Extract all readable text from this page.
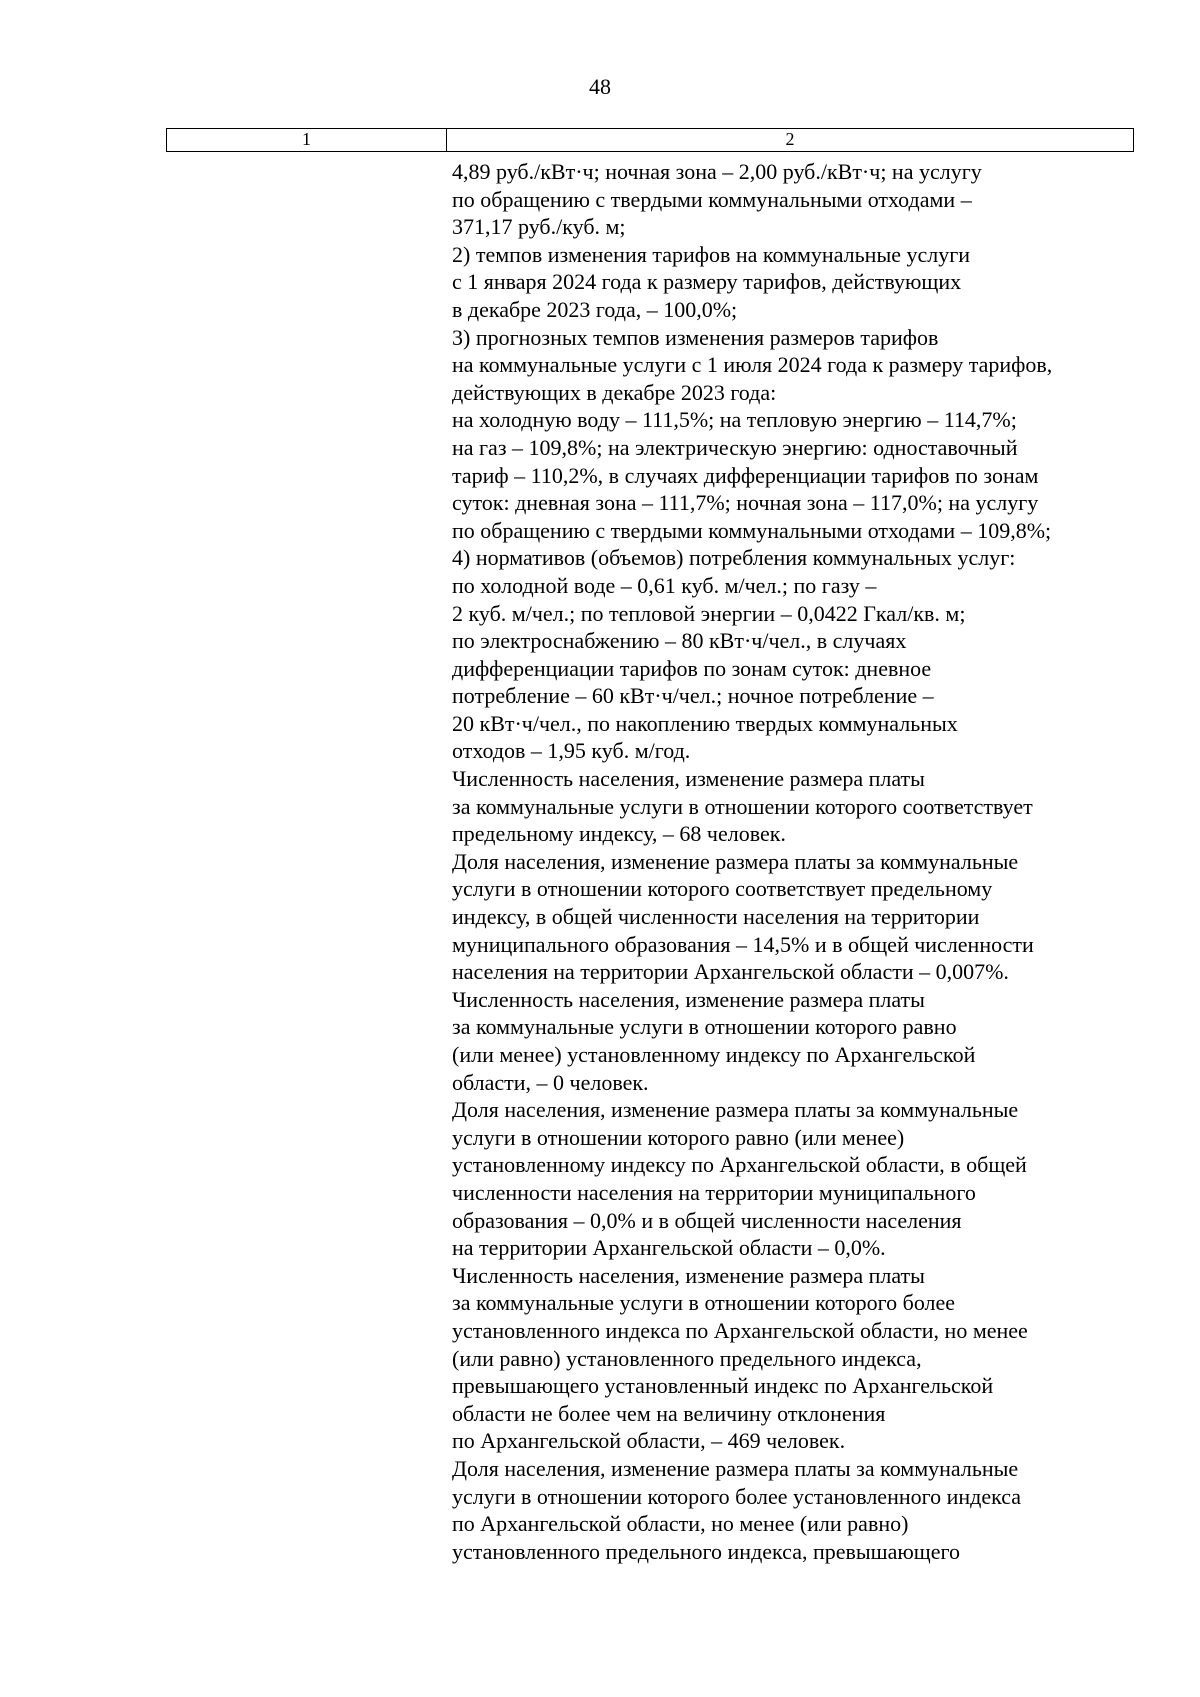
48
1	2
4,89 руб./кВт·ч; ночная зона – 2,00 руб./кВт·ч; на услугу
по обращению с твердыми коммунальными отходами –
371,17 руб./куб. м;
2) темпов изменения тарифов на коммунальные услуги
с 1 января 2024 года к размеру тарифов, действующих
в декабре 2023 года, – 100,0%;
3) прогнозных темпов изменения размеров тарифов
на коммунальные услуги с 1 июля 2024 года к размеру тарифов,
действующих в декабре 2023 года:
на холодную воду – 111,5%; на тепловую энергию – 114,7%;
на газ – 109,8%; на электрическую энергию: одноставочный
тариф – 110,2%, в случаях дифференциации тарифов по зонам
суток: дневная зона – 111,7%; ночная зона – 117,0%; на услугу
по обращению с твердыми коммунальными отходами – 109,8%;
4) нормативов (объемов) потребления коммунальных услуг:
по холодной воде – 0,61 куб. м/чел.; по газу –
2 куб. м/чел.; по тепловой энергии – 0,0422 Гкал/кв. м;
по электроснабжению – 80 кВт·ч/чел., в случаях
дифференциации тарифов по зонам суток: дневное
потребление – 60 кВт·ч/чел.; ночное потребление –
20 кВт·ч/чел., по накоплению твердых коммунальных
отходов – 1,95 куб. м/год.
Численность населения, изменение размера платы
за коммунальные услуги в отношении которого соответствует
предельному индексу, – 68 человек.
Доля населения, изменение размера платы за коммунальные
услуги в отношении которого соответствует предельному
индексу, в общей численности населения на территории
муниципального образования – 14,5% и в общей численности
населения на территории Архангельской области – 0,007%.
Численность населения, изменение размера платы
за коммунальные услуги в отношении которого равно
(или менее) установленному индексу по Архангельской
области, – 0 человек.
Доля населения, изменение размера платы за коммунальные
услуги в отношении которого равно (или менее)
установленному индексу по Архангельской области, в общей
численности населения на территории муниципального
образования – 0,0% и в общей численности населения
на территории Архангельской области – 0,0%.
Численность населения, изменение размера платы
за коммунальные услуги в отношении которого более
установленного индекса по Архангельской области, но менее
(или равно) установленного предельного индекса,
превышающего установленный индекс по Архангельской
области не более чем на величину отклонения
по Архангельской области, – 469 человек.
Доля населения, изменение размера платы за коммунальные
услуги в отношении которого более установленного индекса
по Архангельской области, но менее (или равно)
установленного предельного индекса, превышающего
